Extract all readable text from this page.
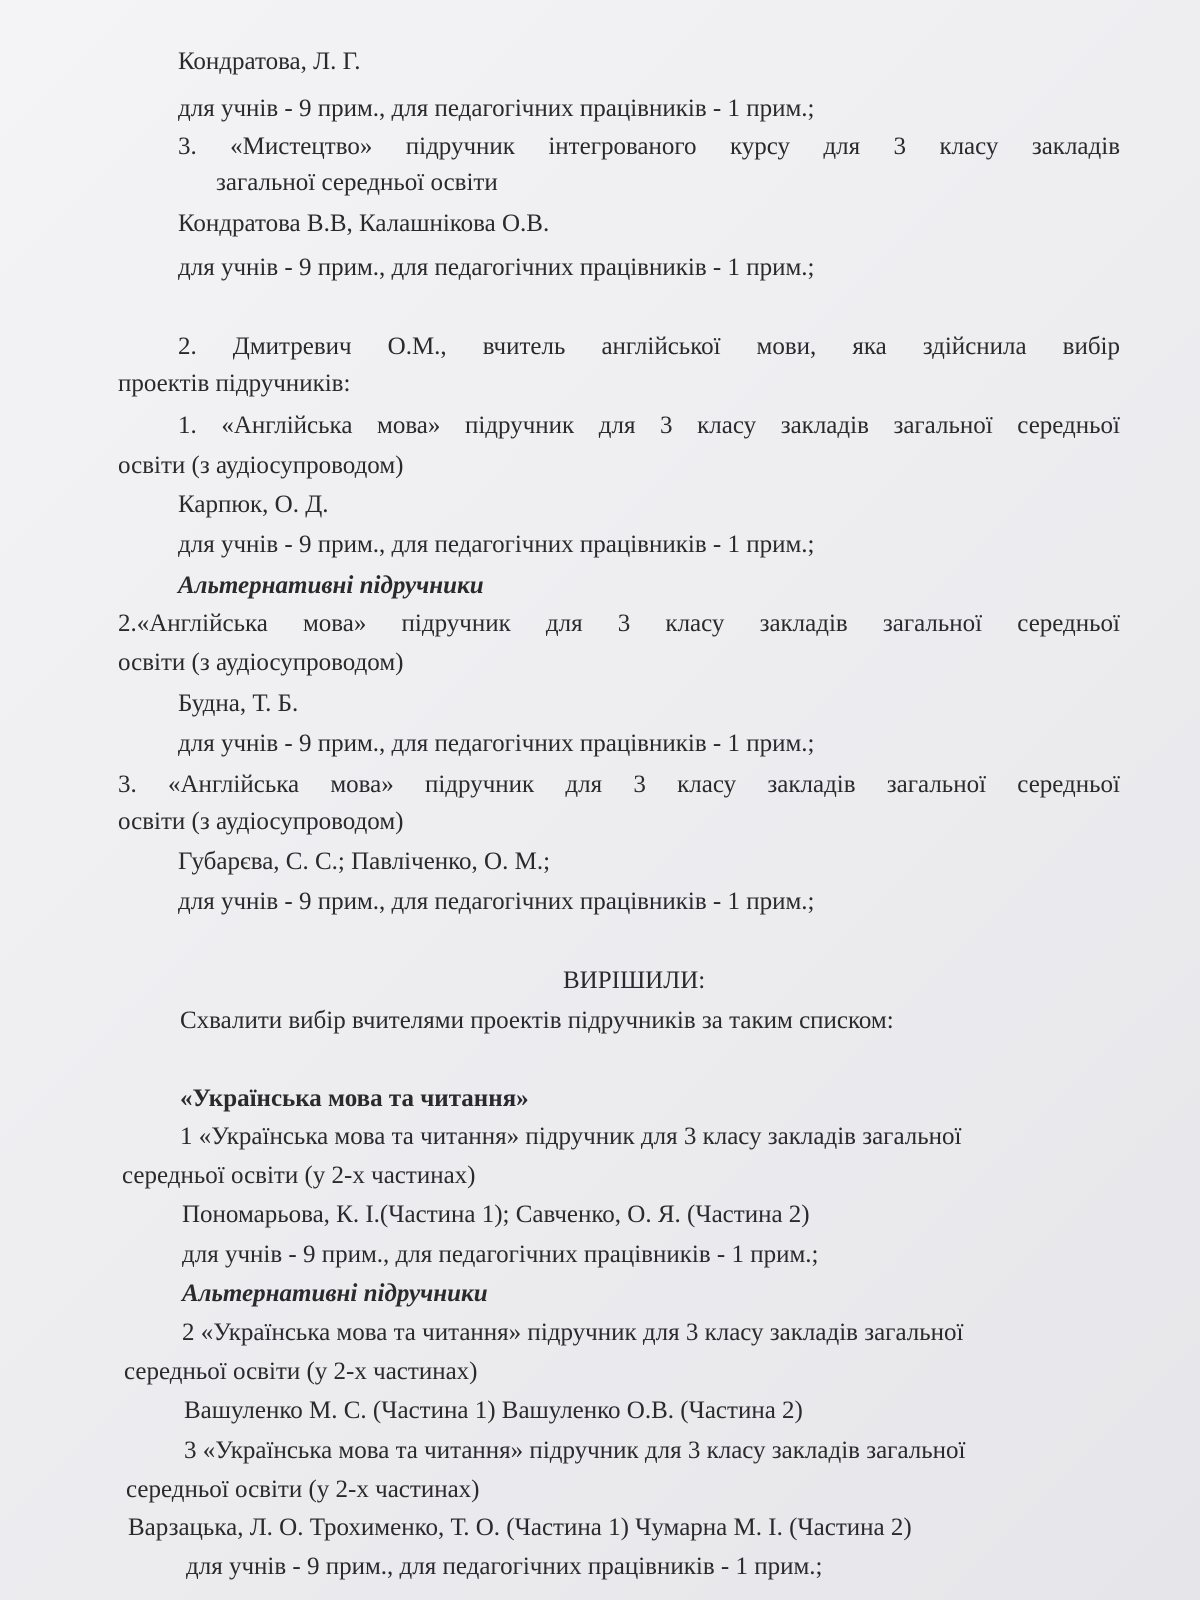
Кондратова, Л. Г.

для учнів - 9 прим., для педагогічних працівників - 1 прим.;

3. «Мистецтво» підручник інтегрованого курсу для 3 класу закладів

загальної середньої освіти

Кондратова В.В, Калашнікова О.В.

для учнів - 9 прим., для педагогічних працівників - 1 прим.;

2. Дмитревич О.М., вчитель англійської мови, яка здійснила вибір

проектів підручників:

1. «Англійська мова» підручник для 3 класу закладів загальної середньої

освіти (з аудіосупроводом)

Карпюк, О. Д.

для учнів - 9 прим., для педагогічних працівників - 1 прим.;

Альтернативні підручники

2.«Англійська мова» підручник для 3 класу закладів загальної середньої

освіти (з аудіосупроводом)

Будна, Т. Б.

для учнів - 9 прим., для педагогічних працівників - 1 прим.;

3. «Англійська мова» підручник для 3 класу закладів загальної середньої

освіти (з аудіосупроводом)

Губарєва, С. С.; Павліченко, О. М.;

для учнів - 9 прим., для педагогічних працівників - 1 прим.;

ВИРІШИЛИ:

Схвалити вибір вчителями проектів підручників за таким списком:

«Українська мова та читання»

1 «Українська мова та читання» підручник для 3 класу закладів загальної

середньої освіти (у 2-х частинах)

Пономарьова, К. І.(Частина 1); Савченко, О. Я. (Частина 2)

для учнів - 9 прим., для педагогічних працівників - 1 прим.;

Альтернативні підручники

2 «Українська мова та читання» підручник для 3 класу закладів загальної

середньої освіти (у 2-х частинах)

Вашуленко М. С. (Частина 1) Вашуленко О.В. (Частина 2)

3 «Українська мова та читання» підручник для 3 класу закладів загальної

середньої освіти (у 2-х частинах)

Варзацька, Л. О. Трохименко, Т. О. (Частина 1) Чумарна М. І. (Частина 2)

для учнів - 9 прим., для педагогічних працівників - 1 прим.;
